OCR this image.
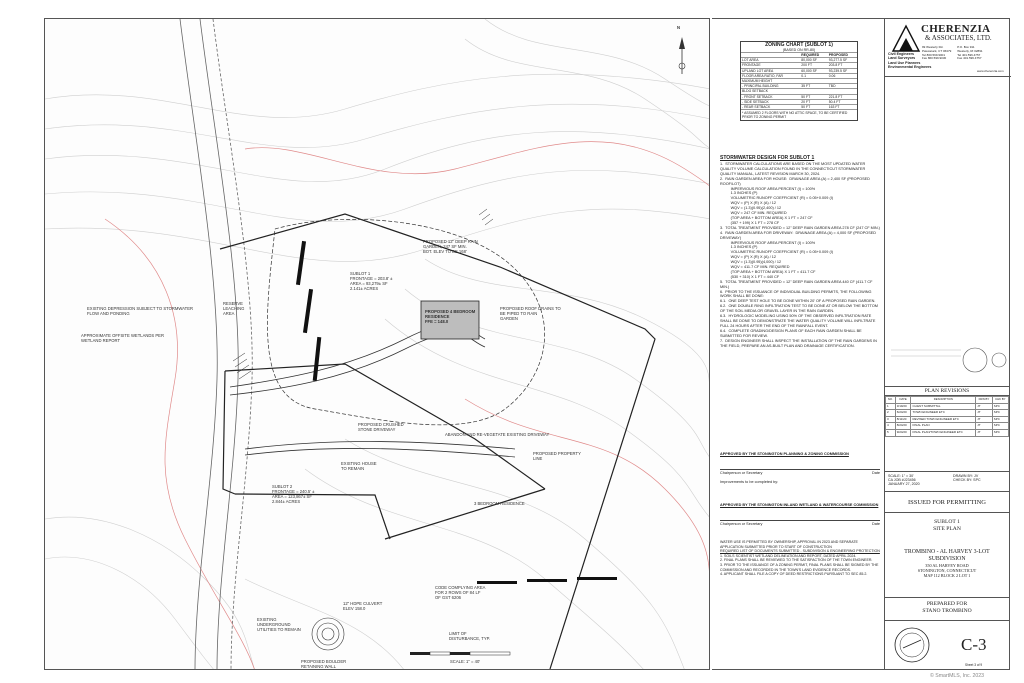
N
SUBLOT 1
FRONTAGE = 203.8' ±
AREA = 93,279± SF
2.141± ACRES
PROPOSED 4 BEDROOM
RESIDENCE
FFE = 148.0
PROPOSED ROOF DRAINS TO
BE PIPED TO RAIN
GARDEN
PROPOSED 12" DEEP RAIN
GARDEN, 247 SF MIN.
BOT. ELEV TO BE 168'
EXISTING DEPRESSION SUBJECT TO STORMWATER
FLOW AND PONDING
APPROXIMATE OFFSITE WETLANDS PER
WETLAND REPORT
PROPOSED CRUSHED
STONE DRIVEWAY
SUBLOT 2
FRONTAGE = 240.5' ±
AREA = 123,867± SF
2.844± ACRES
EXISTING HOUSE
TO REMAIN
3 BEDROOM RESIDENCE
ABANDON AND RE-VEGETATE EXISTING DRIVEWAY
PROPOSED PROPERTY
LINE
12" HDPE CULVERT
ELEV 158.0
PROPOSED BOULDER
RETAINING WALL
LIMIT OF
DISTURBANCE, TYP.
RESERVE
LEACHING
AREA
CODE COMPLYING AREA
FOR 2 ROWS OF 84 LF
OF GST 6206
EXISTING
UNDERGROUND
UTILITIES TO REMAIN
SCALE: 1" = 40'
ZONING CHART (SUBLOT 1)
(BASED ON RR-80)
	REQUIRED	PROPOSED
LOT AREA	80,000 SF	93,277.5 SF
FRONTAGE	200 FT	203.8 FT
UPLAND LOT AREA	60,000 SF	93,239.5 SF
FLOOR AREA RATIO, FAR	0.1	0.06
MAXIMUM HEIGHT		
- PRINCIPAL BUILDING	35 FT	TBD
BLDG SETBACK		
- FRONT SETBACK	50 FT	221.8 FT
- SIDE SETBACK	20 FT	50.4 FT
- REAR SETBACK	50 FT	163 FT
* ASSUMED 2 FLOORS WITH NO ATTIC SPACE, TO BE CERTIFIED PRIOR TO ZONING PERMIT
STORMWATER DESIGN FOR SUBLOT 1
1.  STORMWATER CALCULATIONS ARE BASED ON THE MOST UPDATED WATER QUALITY VOLUME CALCULATION FOUND IN THE CONNECTICUT STORMWATER QUALITY MANUAL, LATEST REVISION MARCH 30, 2024.
2.  RAIN GARDEN AREA FOR HOUSE:  DRAINAGE AREA (A) = 2,400 SF (PROPOSED ROOF/LOT)
IMPERVIOUS ROOF AREA PERCENT (I) = 100%
1.3 INCHES (P)
VOLUMETRIC RUNOFF COEFFICIENT (R) = 0.05+0.009 (I)
WQV = (P) X (R) X (A) / 12
WQV = (1.3)(0.95)(2,400) / 12
WQV = 247 CF MIN. REQUIRED
(TOP AREA + BOTTOM AREA) X 1 FT = 247 CF
(357 + 199) X 1 FT = 278 CF
3.  TOTAL TREATMENT PROVIDED = 12" DEEP RAIN GARDEN AREA 278 CF (247 CF MIN.)
4.  RAIN GARDEN AREA FOR DRIVEWAY:  DRAINAGE AREA (A) = 4,000 SF (PROPOSED DRIVEWAY)
IMPERVIOUS ROOF AREA PERCENT (I) = 100%
1.3 INCHES (P)
VOLUMETRIC RUNOFF COEFFICIENT (R) = 0.05+0.009 (I)
WQV = (P) X (R) X (A) / 12
WQV = (1.3)(0.95)(4,000) / 12
WQV = 411.7 CF MIN. REQUIRED
(TOP AREA + BOTTOM AREA) X 1 FT = 411.7 CF
(530 + 310) X 1 FT = 440 CF
5.  TOTAL TREATMENT PROVIDED = 12" DEEP RAIN GARDEN AREA 440 CF (411.7 CF MIN.)
6.  PRIOR TO THE ISSUANCE OF INDIVIDUAL BUILDING PERMITS, THE FOLLOWING WORK SHALL BE DONE:
6.1.  ONE DEEP TEST HOLE TO BE DONE WITHIN 20' OF A PROPOSED RAIN GARDEN.
6.2.  ONE DOUBLE RING INFILTRATION TEST TO BE DONE AT OR BELOW THE BOTTOM OF THE SOIL MEDIA OR GRAVEL LAYER IN THE RAIN GARDEN.
6.3.  HYDROLOGIC MODELING USING 50% OF THE OBSERVED INFILTRATION RATE SHALL BE DONE TO DEMONSTRATE THE WATER QUALITY VOLUME WILL INFILTRATE FULL 24 HOURS AFTER THE END OF THE RAINFALL EVENT.
6.4.  COMPLETE GRADING/DESIGN PLANS OF EACH RAIN GARDEN SHALL BE SUBMITTED FOR REVIEW.
7.  DESIGN ENGINEER SHALL INSPECT THE INSTALLATION OF THE RAIN GARDENS IN THE FIELD, PREPARE AN AS-BUILT PLAN AND DRAINAGE CERTIFICATION.
APPROVED BY THE STONINGTON PLANNING & ZONING COMMISSION
Chairperson or Secretary	Date
Improvements to be completed by:
APPROVED BY THE STONINGTON INLAND WETLAND & WATERCOURSE COMMISSION
Chairperson or Secretary	Date
WATER USE IS PERMITTED BY OWNERSHIP, APPROVAL IN 2023 AND SEPARATE APPLICATION SUBMITTED PRIOR TO START OF CONSTRUCTION
REQUIRED LIST OF DOCUMENTS SUBMITTED - SUBDIVISION & ENGINEERING PROTECTION
1. SOILS SCIENTIST WETLAND DELINEATION AND REPORT, DATED APRIL 2024.
2. FINAL PLANS SHALL BE REVIEWED TO THE SATISFACTION OF THE TOWN ENGINEER.
3. PRIOR TO THE ISSUANCE OF A ZONING PERMIT, FINAL PLANS SHALL BE SIGNED BY THE COMMISSION AND RECORDED IN THE TOWN'S LAND EVIDENCE RECORDS.
4. APPLICANT SHALL FILE A COPY OF DEED RESTRICTIONS PURSUANT TO SEC 85.2.
CHERENZIA
& ASSOCIATES, LTD.
Civil Engineers
Land Surveyors
Land Use Planners
Environmental Engineers
99 Westerly Rd.
Pawcatuck, CT 06379
Tel 860.599.9001
Fax 860.599.9030
P.O. Box 911
Westerly, RI 02891
Tel 401.596.4757
Fax 401.596.4757
www.cherenzia.com
PLAN REVISIONS
NO.	DATE	DESCRIPTION	DRN BY	CHK BY
1	3/19/20	CLIENT SUBMITTAL	JT	SPC
2	6/24/20	TOWN ENGINEER ETC	JT	SPC
3	8/11/20	REVISED TOWN ENGINEER ETC	JT	SPC
4	8/24/20	FINAL PLAN	JT	SPC
5	9/24/20	FINAL PLAN/TOWN ENGINEER ETC	JT	SPC
SCALE: 1" = 30'
CA JOB #J23456
JANUARY 27, 2020
DRAWN BY: JV
CHECK BY: SPC
ISSUED FOR PERMITTING
SUBLOT 1
SITE PLAN
TROMBINO - AL HARVEY 3-LOT
SUBDIVISION
350 AL HARVEY ROAD
STONINGTON, CONNECTICUT
MAP 112 BLOCK 2 LOT 1
PREPARED FOR
STANO TROMBINO
C-3
Sheet 3 of 9
© SmartMLS, Inc. 2023
